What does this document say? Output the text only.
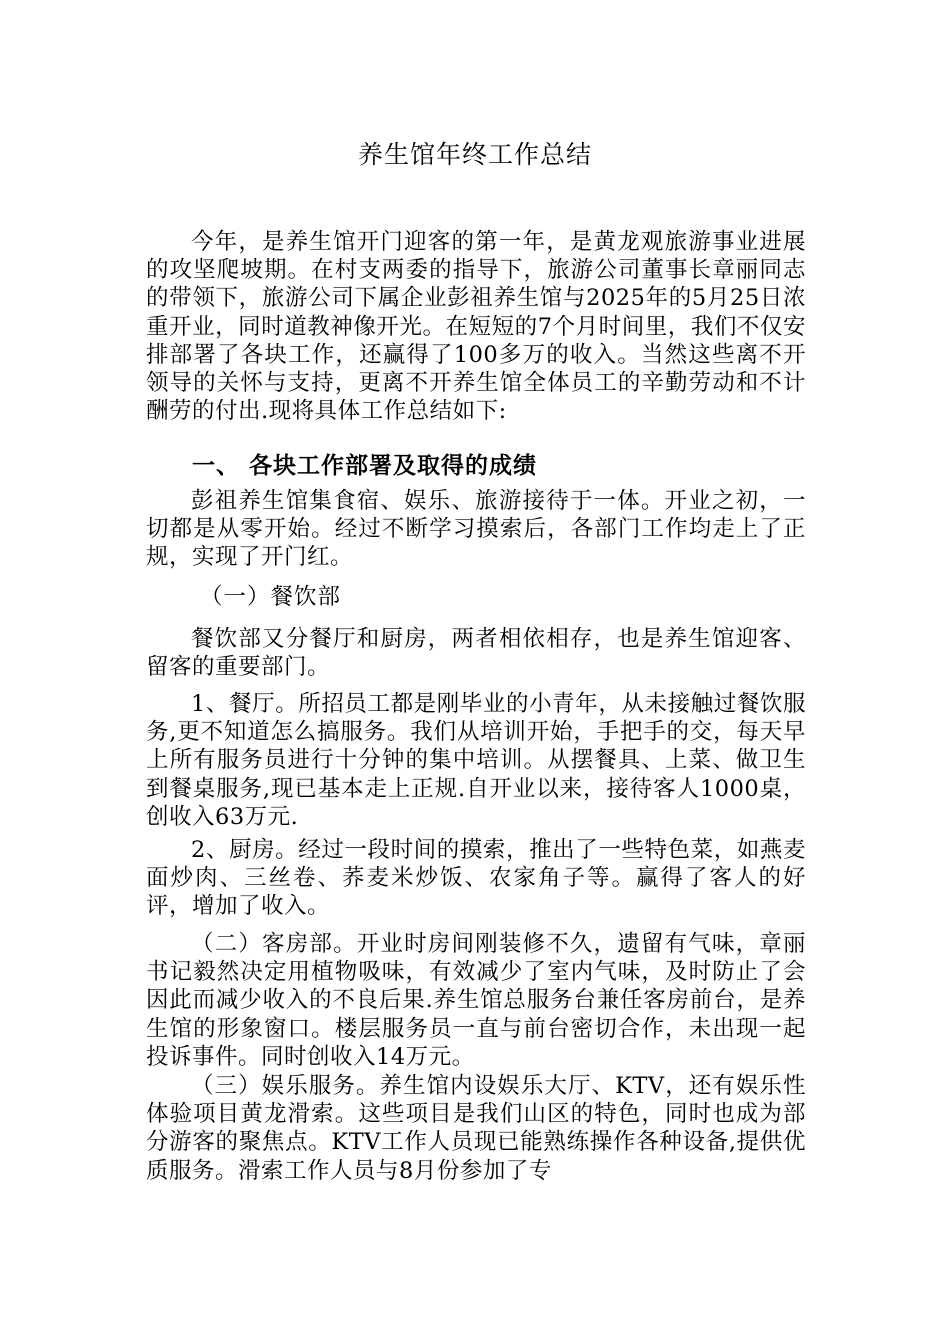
养生馆年终工作总结
今年，是养生馆开门迎客的第一年，是黄龙观旅游事业进展的攻坚爬坡期。在村支两委的指导下，旅游公司董事长章丽同志的带领下，旅游公司下属企业彭祖养生馆与2025年的5月25日浓重开业，同时道教神像开光。在短短的7个月时间里，我们不仅安排部署了各块工作，还赢得了100多万的收入。当然这些离不开领导的关怀与支持，更离不开养生馆全体员工的辛勤劳动和不计酬劳的付出.现将具体工作总结如下:
一、 各块工作部署及取得的成绩
彭祖养生馆集食宿、娱乐、旅游接待于一体。开业之初，一切都是从零开始。经过不断学习摸索后，各部门工作均走上了正规，实现了开门红。
（一）餐饮部
餐饮部又分餐厅和厨房，两者相依相存，也是养生馆迎客、留客的重要部门。
1、餐厅。所招员工都是刚毕业的小青年，从未接触过餐饮服务,更不知道怎么搞服务。我们从培训开始，手把手的交，每天早上所有服务员进行十分钟的集中培训。从摆餐具、上菜、做卫生到餐桌服务,现已基本走上正规.自开业以来，接待客人1000桌，创收入63万元.
2、厨房。经过一段时间的摸索，推出了一些特色菜，如燕麦面炒肉、三丝卷、荞麦米炒饭、农家角子等。赢得了客人的好评，增加了收入。
（二）客房部。开业时房间刚装修不久，遗留有气味，章丽书记毅然决定用植物吸味，有效减少了室内气味，及时防止了会因此而减少收入的不良后果.养生馆总服务台兼任客房前台，是养生馆的形象窗口。楼层服务员一直与前台密切合作，未出现一起投诉事件。同时创收入14万元。
（三）娱乐服务。养生馆内设娱乐大厅、KTV，还有娱乐性体验项目黄龙滑索。这些项目是我们山区的特色，同时也成为部分游客的聚焦点。KTV工作人员现已能熟练操作各种设备,提供优质服务。滑索工作人员与8月份参加了专
